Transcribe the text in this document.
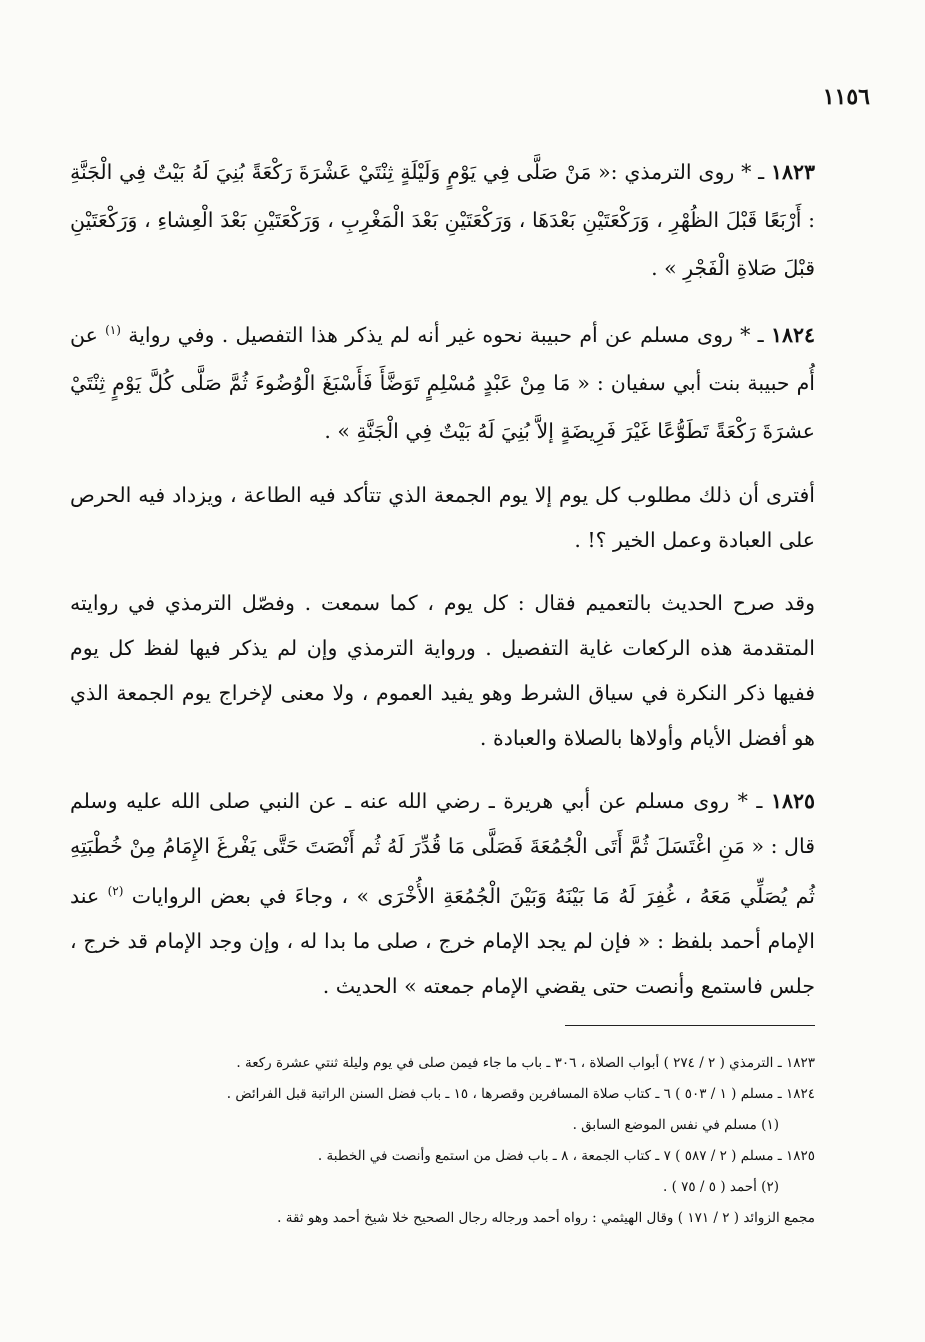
١١٥٦

١٨٢٣ ـ * روى الترمذي :« مَنْ صَلَّى فِي يَوْمٍ وَلَيْلَةٍ ثِنْتَيْ عَشْرَةَ رَكْعَةً بُنِيَ لَهُ بَيْتٌ فِي الْجَنَّةِ : أَرْبَعًا قَبْلَ الظُهْرِ ، وَرَكْعَتَيْنِ بَعْدَهَا ، وَرَكْعَتَيْنِ بَعْدَ الْمَغْرِبِ ، وَرَكْعَتَيْنِ بَعْدَ الْعِشاءِ ، وَرَكْعَتَيْنِ قبْلَ صَلاةِ الْفَجْرِ » .

١٨٢٤ ـ * روى مسلم عن أم حبيبة نحوه غير أنه لم يذكر هذا التفصيل . وفي رواية $^{(١)}$ عن أُم حبيبة بنت أبي سفيان : « مَا مِنْ عَبْدٍ مُسْلِمٍ تَوَضَّأَ فَأَسْبَغَ الْوُضُوءَ ثُمَّ صَلَّى كُلَّ يَوْمٍ ثِنْتَيْ عشرَةَ رَكْعَةً تَطَوُّعًا غَيْرَ فَرِيضَةٍ إلاَّ بُنِيَ لَهُ بَيْتٌ فِي الْجَنَّةِ » .

أفترى أن ذلك مطلوب كل يوم إلا يوم الجمعة الذي تتأكد فيه الطاعة ، ويزداد فيه الحرص على العبادة وعمل الخير ؟! .

وقد صرح الحديث بالتعميم فقال : كل يوم ، كما سمعت . وفصّل الترمذي في روايته المتقدمة هذه الركعات غاية التفصيل . ورواية الترمذي وإن لم يذكر فيها لفظ كل يوم ففيها ذكر النكرة في سياق الشرط وهو يفيد العموم ، ولا معنى لإخراج يوم الجمعة الذي هو أفضل الأيام وأولاها بالصلاة والعبادة .

١٨٢٥ ـ * روى مسلم عن أبي هريرة ـ رضي الله عنه ـ عن النبي صلى الله عليه وسلم قال : « مَنِ اغْتَسَلَ ثُمَّ أَتَى الْجُمُعَةَ فَصَلَّى مَا قُدِّرَ لَهُ ثُم أَنْصَتَ حَتَّى يَفْرغَ الإِمَامُ مِنْ خُطْبَتِهِ ثُم يُصَلِّي مَعَهُ ، غُفِرَ لَهُ مَا بَيْنَهُ وَبَيْنَ الْجُمُعَةِ الأُخْرَى » ، وجاءَ في بعض الروايات $^{(٢)}$ عند الإمام أحمد بلفظ : « فإن لم يجد الإمام خرج ، صلى ما بدا له ، وإن وجد الإمام قد خرج ، جلس فاستمع وأنصت حتى يقضي الإمام جمعته » الحديث .

١٨٢٣ ـ الترمذي ( ٢ / ٢٧٤ ) أبواب الصلاة ، ٣٠٦ ـ باب ما جاء فيمن صلى في يوم وليلة ثنتي عشرة ركعة .
١٨٢٤ ـ مسلم ( ١ / ٥٠٣ ) ٦ ـ كتاب صلاة المسافرين وقصرها ، ١٥ ـ باب فضل السنن الراتبة قبل الفرائض .
(١) مسلم في نفس الموضع السابق .
١٨٢٥ ـ مسلم ( ٢ / ٥٨٧ ) ٧ ـ كتاب الجمعة ، ٨ ـ باب فضل من استمع وأنصت في الخطبة .
(٢) أحمد ( ٥ / ٧٥ ) .
مجمع الزوائد ( ٢ / ١٧١ ) وقال الهيثمي : رواه أحمد ورجاله رجال الصحيح خلا شيخ أحمد وهو ثقة .
